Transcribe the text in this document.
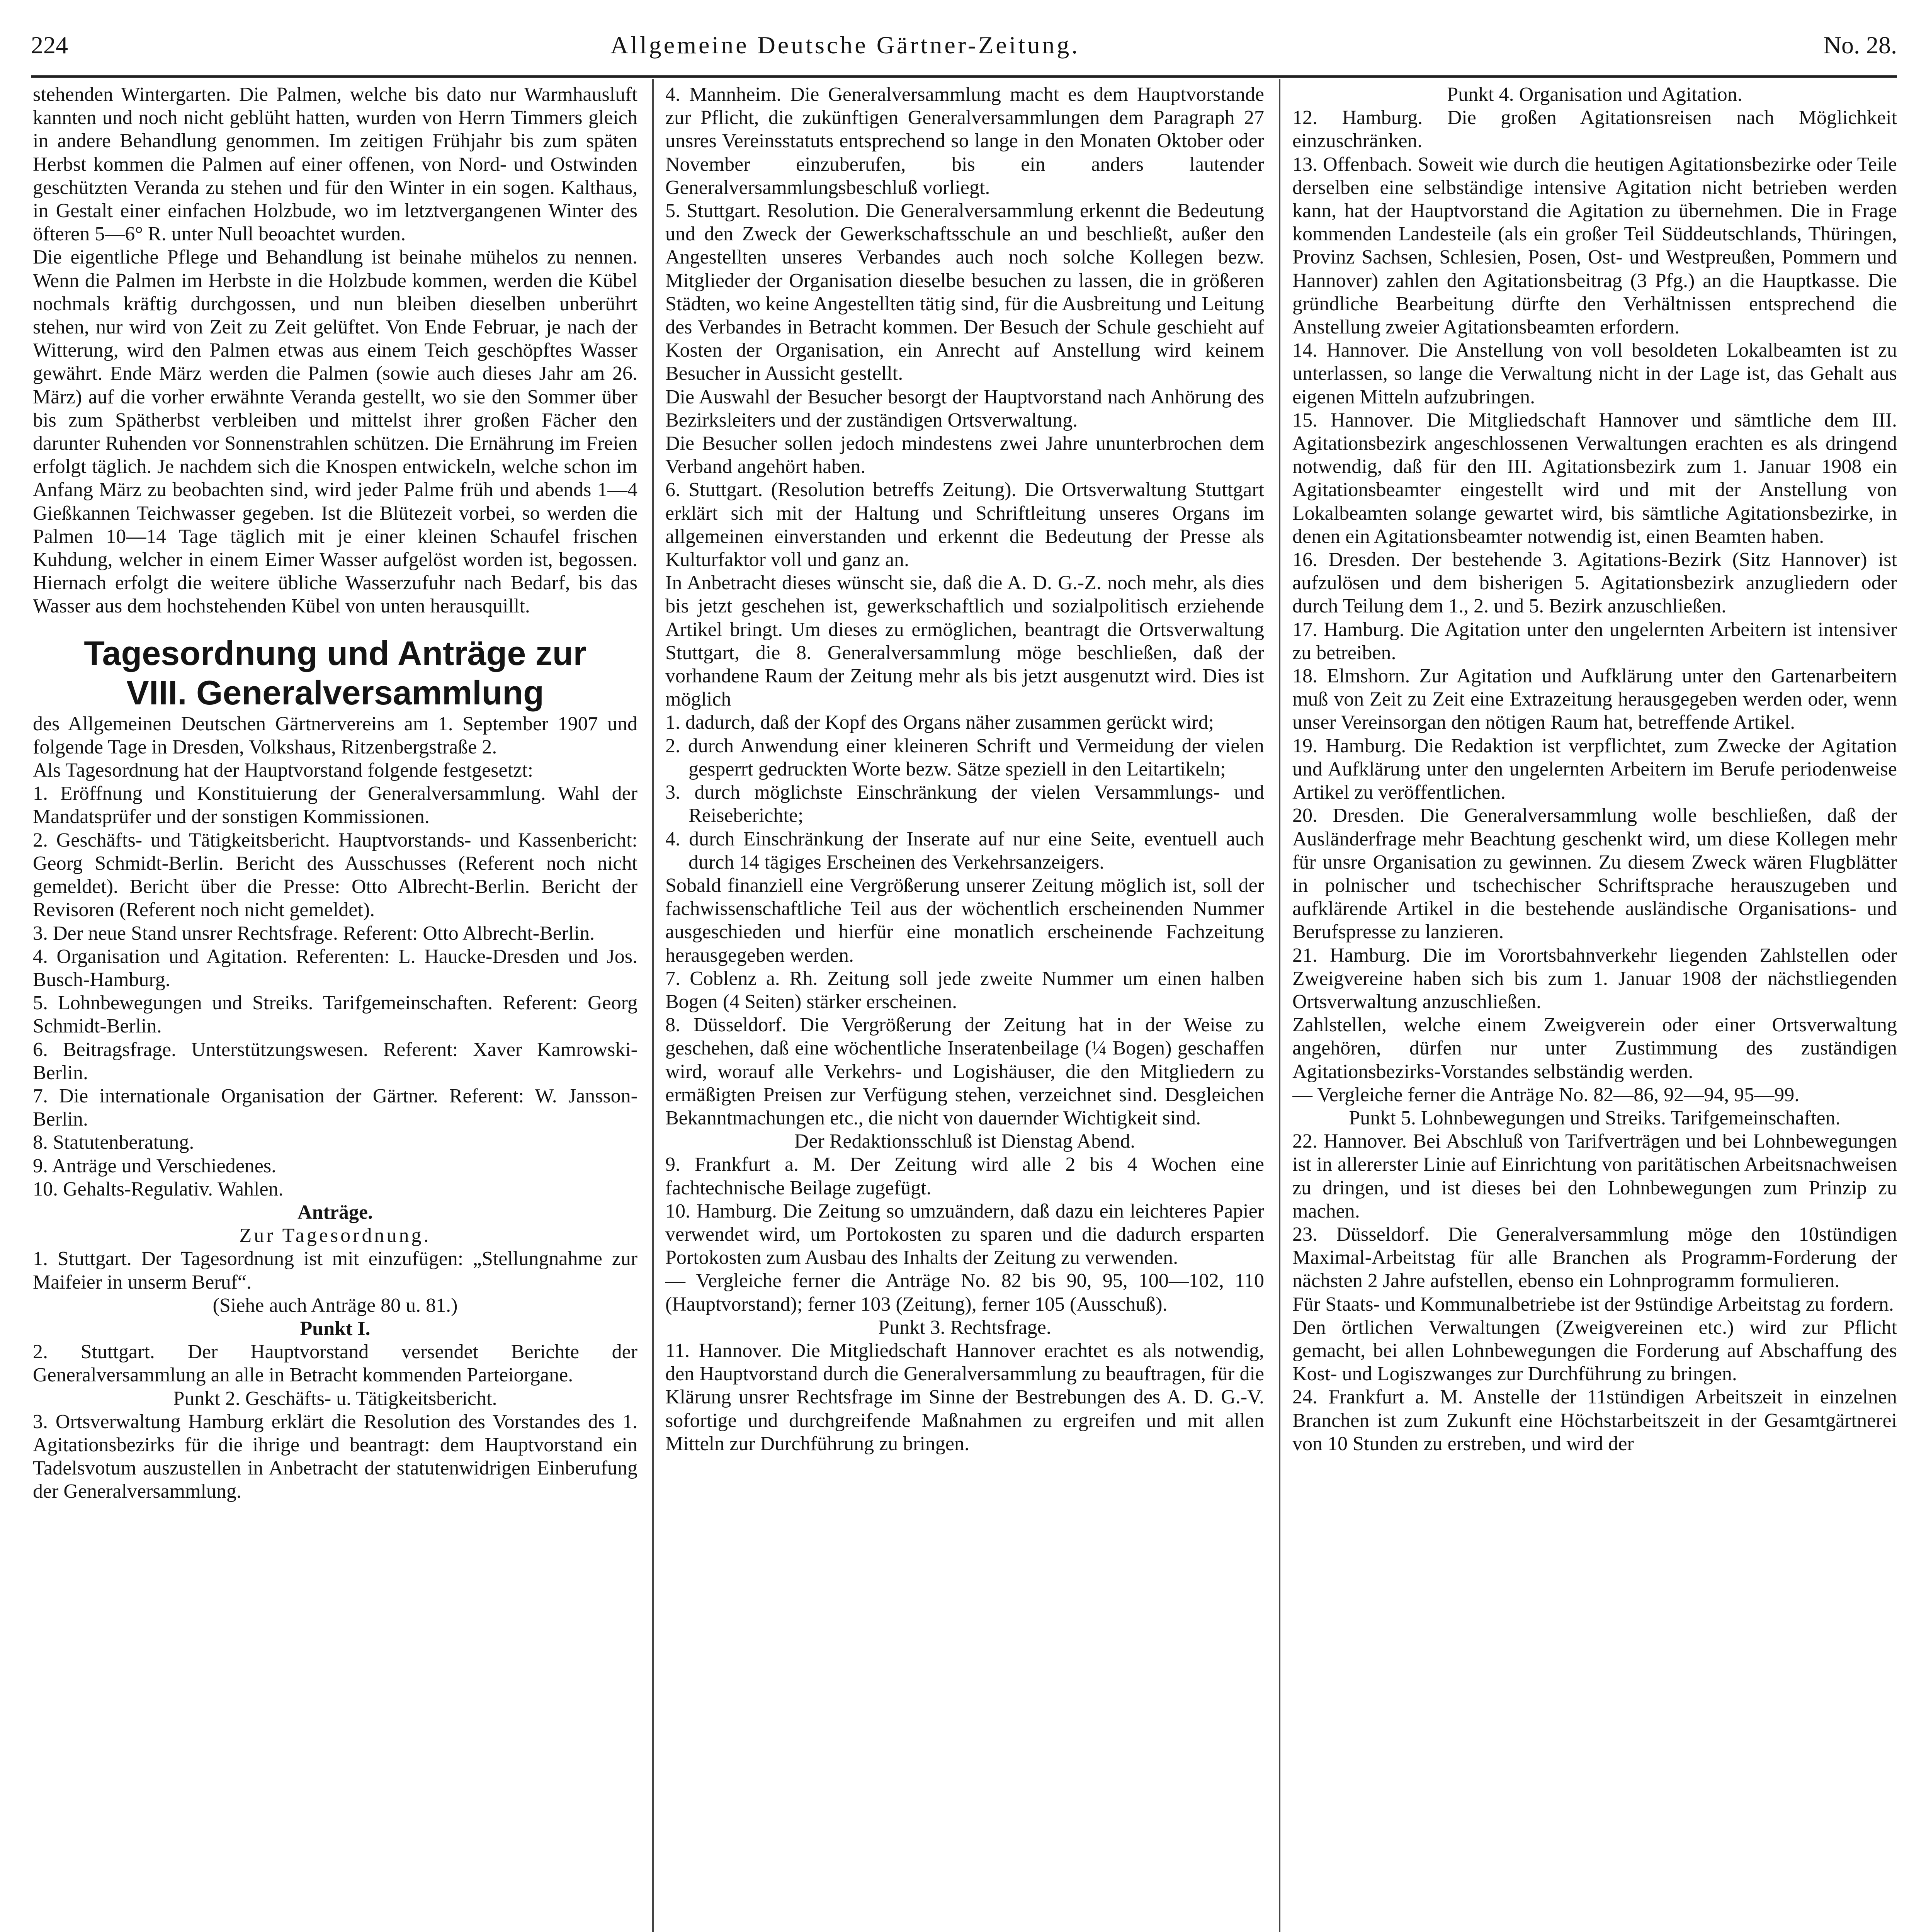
224	Allgemeine Deutsche Gärtner-Zeitung.	No. 28.

stehenden Wintergarten. Die Palmen, welche bis dato nur Warmhausluft kannten und noch nicht geblüht hatten, wurden von Herrn Timmers gleich in andere Behandlung genommen. Im zeitigen Frühjahr bis zum späten Herbst kommen die Palmen auf einer offenen, von Nord- und Ostwinden geschützten Veranda zu stehen und für den Winter in ein sogen. Kalthaus, in Gestalt einer einfachen Holzbude, wo im letztvergangenen Winter des öfteren 5—6° R. unter Null beoachtet wurden.

Die eigentliche Pflege und Behandlung ist beinahe mühelos zu nennen. Wenn die Palmen im Herbste in die Holzbude kommen, werden die Kübel nochmals kräftig durchgossen, und nun bleiben dieselben unberührt stehen, nur wird von Zeit zu Zeit gelüftet. Von Ende Februar, je nach der Witterung, wird den Palmen etwas aus einem Teich geschöpftes Wasser gewährt. Ende März werden die Palmen (sowie auch dieses Jahr am 26. März) auf die vorher erwähnte Veranda gestellt, wo sie den Sommer über bis zum Spätherbst verbleiben und mittelst ihrer großen Fächer den darunter Ruhenden vor Sonnenstrahlen schützen. Die Ernährung im Freien erfolgt täglich. Je nachdem sich die Knospen entwickeln, welche schon im Anfang März zu beobachten sind, wird jeder Palme früh und abends 1—4 Gießkannen Teichwasser gegeben. Ist die Blütezeit vorbei, so werden die Palmen 10—14 Tage täglich mit je einer kleinen Schaufel frischen Kuhdung, welcher in einem Eimer Wasser aufgelöst worden ist, begossen. Hiernach erfolgt die weitere übliche Wasserzufuhr nach Bedarf, bis das Wasser aus dem hochstehenden Kübel von unten herausquillt.

Tagesordnung und Anträge zur

VIII. Generalversammlung

des Allgemeinen Deutschen Gärtnervereins am 1. September 1907 und folgende Tage in Dresden, Volkshaus, Ritzenbergstraße 2.

Als Tagesordnung hat der Hauptvorstand folgende festgesetzt:

1. Eröffnung und Konstituierung der Generalversammlung. Wahl der Mandatsprüfer und der sonstigen Kommissionen.

2. Geschäfts- und Tätigkeitsbericht. Hauptvorstands- und Kassenbericht: Georg Schmidt-Berlin. Bericht des Ausschusses (Referent noch nicht gemeldet). Bericht über die Presse: Otto Albrecht-Berlin. Bericht der Revisoren (Referent noch nicht gemeldet).

3. Der neue Stand unsrer Rechtsfrage. Referent: Otto Albrecht-Berlin.

4. Organisation und Agitation. Referenten: L. Haucke-Dresden und Jos. Busch-Hamburg.

5. Lohnbewegungen und Streiks. Tarifgemeinschaften. Referent: Georg Schmidt-Berlin.

6. Beitragsfrage. Unterstützungswesen. Referent: Xaver Kamrowski-Berlin.

7. Die internationale Organisation der Gärtner. Referent: W. Jansson-Berlin.

8. Statutenberatung.

9. Anträge und Verschiedenes.

10. Gehalts-Regulativ. Wahlen.

Anträge.

Zur Tagesordnung.

1. Stuttgart. Der Tagesordnung ist mit einzufügen: „Stellungnahme zur Maifeier in unserm Beruf“.

(Siehe auch Anträge 80 u. 81.)

Punkt I.

2. Stuttgart. Der Hauptvorstand versendet Berichte der Generalversammlung an alle in Betracht kommenden Parteiorgane.

Punkt 2. Geschäfts- u. Tätigkeitsbericht.

3. Ortsverwaltung Hamburg erklärt die Resolution des Vorstandes des 1. Agitationsbezirks für die ihrige und beantragt: dem Hauptvorstand ein Tadelsvotum auszustellen in Anbetracht der statutenwidrigen Einberufung der Generalversammlung.

4. Mannheim. Die Generalversammlung macht es dem Hauptvorstande zur Pflicht, die zukünftigen Generalversammlungen dem Paragraph 27 unsres Vereinsstatuts entsprechend so lange in den Monaten Oktober oder November einzuberufen, bis ein anders lautender Generalversammlungsbeschluß vorliegt.

5. Stuttgart. Resolution. Die Generalversammlung erkennt die Bedeutung und den Zweck der Gewerkschaftsschule an und beschließt, außer den Angestellten unseres Verbandes auch noch solche Kollegen bezw. Mitglieder der Organisation dieselbe besuchen zu lassen, die in größeren Städten, wo keine Angestellten tätig sind, für die Ausbreitung und Leitung des Verbandes in Betracht kommen. Der Besuch der Schule geschieht auf Kosten der Organisation, ein Anrecht auf Anstellung wird keinem Besucher in Aussicht gestellt.

Die Auswahl der Besucher besorgt der Hauptvorstand nach Anhörung des Bezirksleiters und der zuständigen Ortsverwaltung.

Die Besucher sollen jedoch mindestens zwei Jahre ununterbrochen dem Verband angehört haben.

6. Stuttgart. (Resolution betreffs Zeitung). Die Ortsverwaltung Stuttgart erklärt sich mit der Haltung und Schriftleitung unseres Organs im allgemeinen einverstanden und erkennt die Bedeutung der Presse als Kulturfaktor voll und ganz an.

In Anbetracht dieses wünscht sie, daß die A. D. G.-Z. noch mehr, als dies bis jetzt geschehen ist, gewerkschaftlich und sozialpolitisch erziehende Artikel bringt. Um dieses zu ermöglichen, beantragt die Ortsverwaltung Stuttgart, die 8. Generalversammlung möge beschließen, daß der vorhandene Raum der Zeitung mehr als bis jetzt ausgenutzt wird. Dies ist möglich

1. dadurch, daß der Kopf des Organs näher zusammen gerückt wird;

2. durch Anwendung einer kleineren Schrift und Vermeidung der vielen gesperrt gedruckten Worte bezw. Sätze speziell in den Leitartikeln;

3. durch möglichste Einschränkung der vielen Versammlungs- und Reiseberichte;

4. durch Einschränkung der Inserate auf nur eine Seite, eventuell auch durch 14 tägiges Erscheinen des Verkehrsanzeigers.

Sobald finanziell eine Vergrößerung unserer Zeitung möglich ist, soll der fachwissenschaftliche Teil aus der wöchentlich erscheinenden Nummer ausgeschieden und hierfür eine monatlich erscheinende Fachzeitung herausgegeben werden.

7. Coblenz a. Rh. Zeitung soll jede zweite Nummer um einen halben Bogen (4 Seiten) stärker erscheinen.

8. Düsseldorf. Die Vergrößerung der Zeitung hat in der Weise zu geschehen, daß eine wöchentliche Inseratenbeilage (¼ Bogen) geschaffen wird, worauf alle Verkehrs- und Logishäuser, die den Mitgliedern zu ermäßigten Preisen zur Verfügung stehen, verzeichnet sind. Desgleichen Bekanntmachungen etc., die nicht von dauernder Wichtigkeit sind.

Der Redaktionsschluß ist Dienstag Abend.

9. Frankfurt a. M. Der Zeitung wird alle 2 bis 4 Wochen eine fachtechnische Beilage zugefügt.

10. Hamburg. Die Zeitung so umzuändern, daß dazu ein leichteres Papier verwendet wird, um Portokosten zu sparen und die dadurch ersparten Portokosten zum Ausbau des Inhalts der Zeitung zu verwenden.

— Vergleiche ferner die Anträge No. 82 bis 90, 95, 100—102, 110 (Hauptvorstand); ferner 103 (Zeitung), ferner 105 (Ausschuß).

Punkt 3. Rechtsfrage.

11. Hannover. Die Mitgliedschaft Hannover erachtet es als notwendig, den Hauptvorstand durch die Generalversammlung zu beauftragen, für die Klärung unsrer Rechtsfrage im Sinne der Bestrebungen des A. D. G.-V. sofortige und durchgreifende Maßnahmen zu ergreifen und mit allen Mitteln zur Durchführung zu bringen.

Punkt 4. Organisation und Agitation.

12. Hamburg. Die großen Agitationsreisen nach Möglichkeit einzuschränken.

13. Offenbach. Soweit wie durch die heutigen Agitationsbezirke oder Teile derselben eine selbständige intensive Agitation nicht betrieben werden kann, hat der Hauptvorstand die Agitation zu übernehmen. Die in Frage kommenden Landesteile (als ein großer Teil Süddeutschlands, Thüringen, Provinz Sachsen, Schlesien, Posen, Ost- und Westpreußen, Pommern und Hannover) zahlen den Agitationsbeitrag (3 Pfg.) an die Hauptkasse. Die gründliche Bearbeitung dürfte den Verhältnissen entsprechend die Anstellung zweier Agitationsbeamten erfordern.

14. Hannover. Die Anstellung von voll besoldeten Lokalbeamten ist zu unterlassen, so lange die Verwaltung nicht in der Lage ist, das Gehalt aus eigenen Mitteln aufzubringen.

15. Hannover. Die Mitgliedschaft Hannover und sämtliche dem III. Agitationsbezirk angeschlossenen Verwaltungen erachten es als dringend notwendig, daß für den III. Agitationsbezirk zum 1. Januar 1908 ein Agitationsbeamter eingestellt wird und mit der Anstellung von Lokalbeamten solange gewartet wird, bis sämtliche Agitationsbezirke, in denen ein Agitationsbeamter notwendig ist, einen Beamten haben.

16. Dresden. Der bestehende 3. Agitations-Bezirk (Sitz Hannover) ist aufzulösen und dem bisherigen 5. Agitationsbezirk anzugliedern oder durch Teilung dem 1., 2. und 5. Bezirk anzuschließen.

17. Hamburg. Die Agitation unter den ungelernten Arbeitern ist intensiver zu betreiben.

18. Elmshorn. Zur Agitation und Aufklärung unter den Gartenarbeitern muß von Zeit zu Zeit eine Extrazeitung herausgegeben werden oder, wenn unser Vereinsorgan den nötigen Raum hat, betreffende Artikel.

19. Hamburg. Die Redaktion ist verpflichtet, zum Zwecke der Agitation und Aufklärung unter den ungelernten Arbeitern im Berufe periodenweise Artikel zu veröffentlichen.

20. Dresden. Die Generalversammlung wolle beschließen, daß der Ausländerfrage mehr Beachtung geschenkt wird, um diese Kollegen mehr für unsre Organisation zu gewinnen. Zu diesem Zweck wären Flugblätter in polnischer und tschechischer Schriftsprache herauszugeben und aufklärende Artikel in die bestehende ausländische Organisations- und Berufspresse zu lanzieren.

21. Hamburg. Die im Vorortsbahnverkehr liegenden Zahlstellen oder Zweigvereine haben sich bis zum 1. Januar 1908 der nächstliegenden Ortsverwaltung anzuschließen.

Zahlstellen, welche einem Zweigverein oder einer Ortsverwaltung angehören, dürfen nur unter Zustimmung des zuständigen Agitationsbezirks-Vorstandes selbständig werden.

— Vergleiche ferner die Anträge No. 82—86, 92—94, 95—99.

Punkt 5. Lohnbewegungen und Streiks. Tarifgemeinschaften.

22. Hannover. Bei Abschluß von Tarifverträgen und bei Lohnbewegungen ist in allererster Linie auf Einrichtung von paritätischen Arbeitsnachweisen zu dringen, und ist dieses bei den Lohnbewegungen zum Prinzip zu machen.

23. Düsseldorf. Die Generalversammlung möge den 10stündigen Maximal-Arbeitstag für alle Branchen als Programm-Forderung der nächsten 2 Jahre aufstellen, ebenso ein Lohnprogramm formulieren.

Für Staats- und Kommunalbetriebe ist der 9stündige Arbeitstag zu fordern.

Den örtlichen Verwaltungen (Zweigvereinen etc.) wird zur Pflicht gemacht, bei allen Lohnbewegungen die Forderung auf Abschaffung des Kost- und Logiszwanges zur Durchführung zu bringen.

24. Frankfurt a. M. Anstelle der 11stündigen Arbeitszeit in einzelnen Branchen ist zum Zukunft eine Höchstarbeitszeit in der Gesamtgärtnerei von 10 Stunden zu erstreben, und wird der
